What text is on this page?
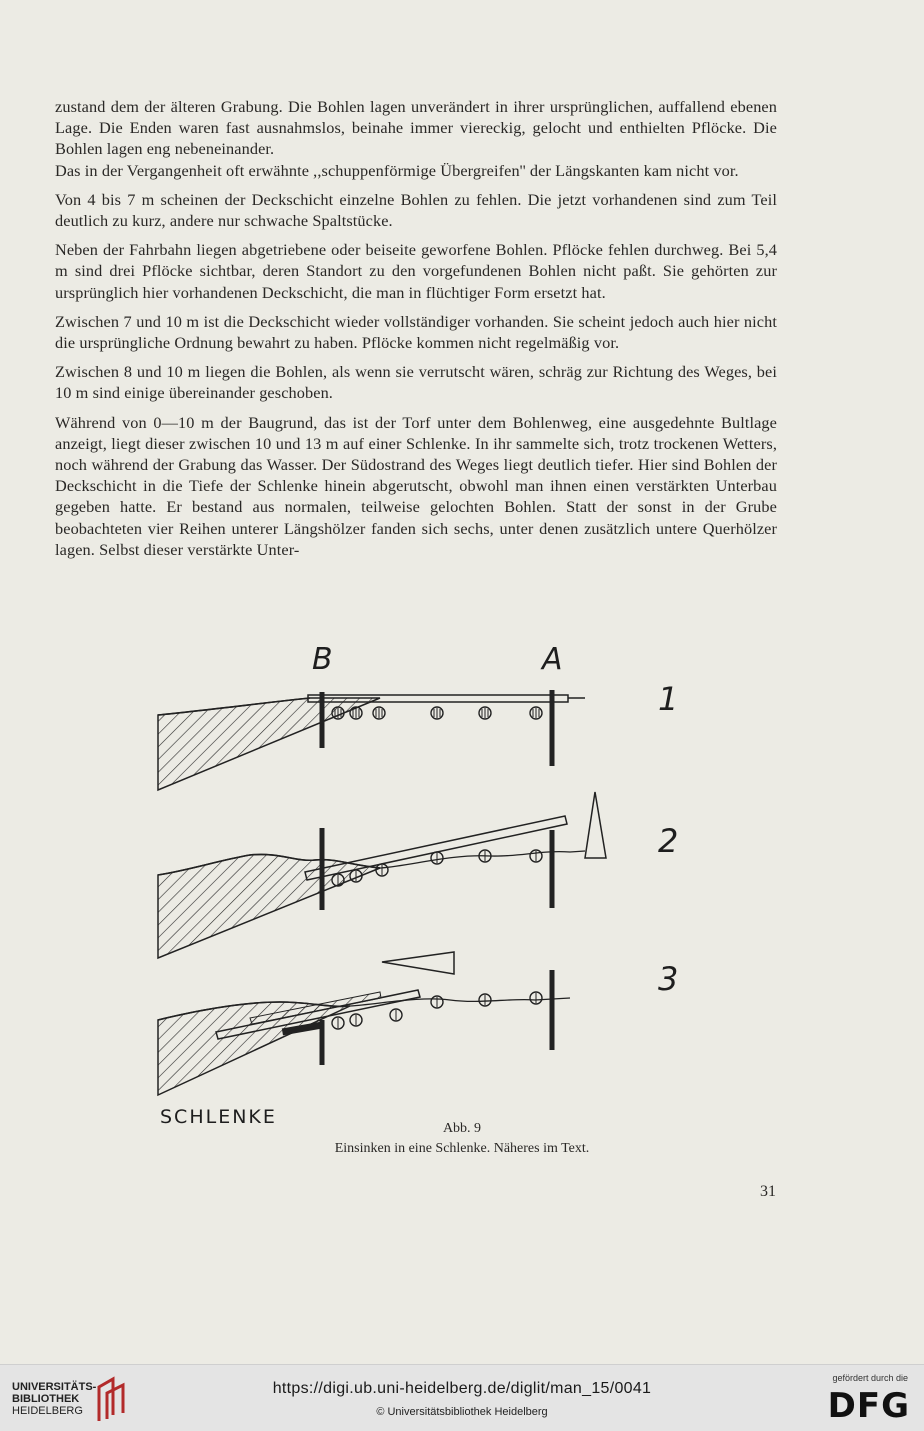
zustand dem der älteren Grabung. Die Bohlen lagen unverändert in ihrer ursprünglichen, auffallend ebenen Lage. Die Enden waren fast ausnahmslos, beinahe immer viereckig, gelocht und enthielten Pflöcke. Die Bohlen lagen eng nebeneinander.

Das in der Vergangenheit oft erwähnte ,,schuppenförmige Übergreifen'' der Längskanten kam nicht vor.

Von 4 bis 7 m scheinen der Deckschicht einzelne Bohlen zu fehlen. Die jetzt vorhandenen sind zum Teil deutlich zu kurz, andere nur schwache Spaltstücke.

Neben der Fahrbahn liegen abgetriebene oder beiseite geworfene Bohlen. Pflöcke fehlen durchweg. Bei 5,4 m sind drei Pflöcke sichtbar, deren Standort zu den vorgefundenen Bohlen nicht paßt. Sie gehörten zur ursprünglich hier vorhandenen Deckschicht, die man in flüchtiger Form ersetzt hat.

Zwischen 7 und 10 m ist die Deckschicht wieder vollständiger vorhanden. Sie scheint jedoch auch hier nicht die ursprüngliche Ordnung bewahrt zu haben. Pflöcke kommen nicht regelmäßig vor.

Zwischen 8 und 10 m liegen die Bohlen, als wenn sie verrutscht wären, schräg zur Richtung des Weges, bei 10 m sind einige übereinander geschoben.

Während von 0—10 m der Baugrund, das ist der Torf unter dem Bohlenweg, eine ausgedehnte Bultlage anzeigt, liegt dieser zwischen 10 und 13 m auf einer Schlenke. In ihr sammelte sich, trotz trockenen Wetters, noch während der Grabung das Wasser. Der Südostrand des Weges liegt deutlich tiefer. Hier sind Bohlen der Deckschicht in die Tiefe der Schlenke hinein abgerutscht, obwohl man ihnen einen verstärkten Unterbau gegeben hatte. Er bestand aus normalen, teilweise gelochten Bohlen. Statt der sonst in der Grube beobachteten vier Reihen unterer Längshölzer fanden sich sechs, unter denen zusätzlich untere Querhölzer lagen. Selbst dieser verstärkte Unter-

B	A
1
2
3
SCHLENKE
Abb. 9
Einsinken in eine Schlenke. Näheres im Text.
31
UNIVERSITÄTS-
BIBLIOTHEK
HEIDELBERG
https://digi.ub.uni-heidelberg.de/diglit/man_15/0041
© Universitätsbibliothek Heidelberg
gefördert durch die
DFG
